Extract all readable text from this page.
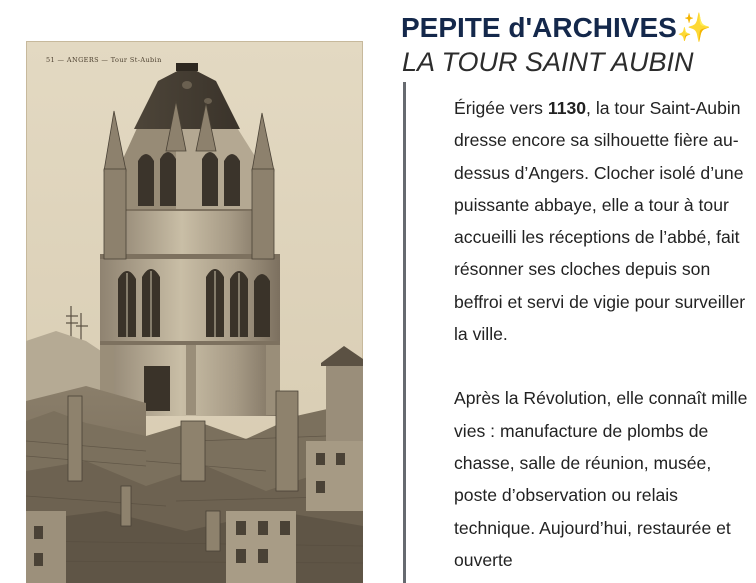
51 — ANGERS — Tour St-Aubin
PEPITE d'ARCHIVES✨
LA TOUR SAINT AUBIN

Érigée vers 1130, la tour Saint-Aubin dresse encore sa silhouette fière au-dessus d’Angers. Clocher isolé d’une puissante abbaye, elle a tour à tour accueilli les réceptions de l’abbé, fait résonner ses cloches depuis son beffroi et servi de vigie pour surveiller la ville.

Après la Révolution, elle connaît mille vies : manufacture de plombs de chasse, salle de réunion, musée, poste d’observation ou relais technique. Aujourd’hui, restaurée et ouverte
